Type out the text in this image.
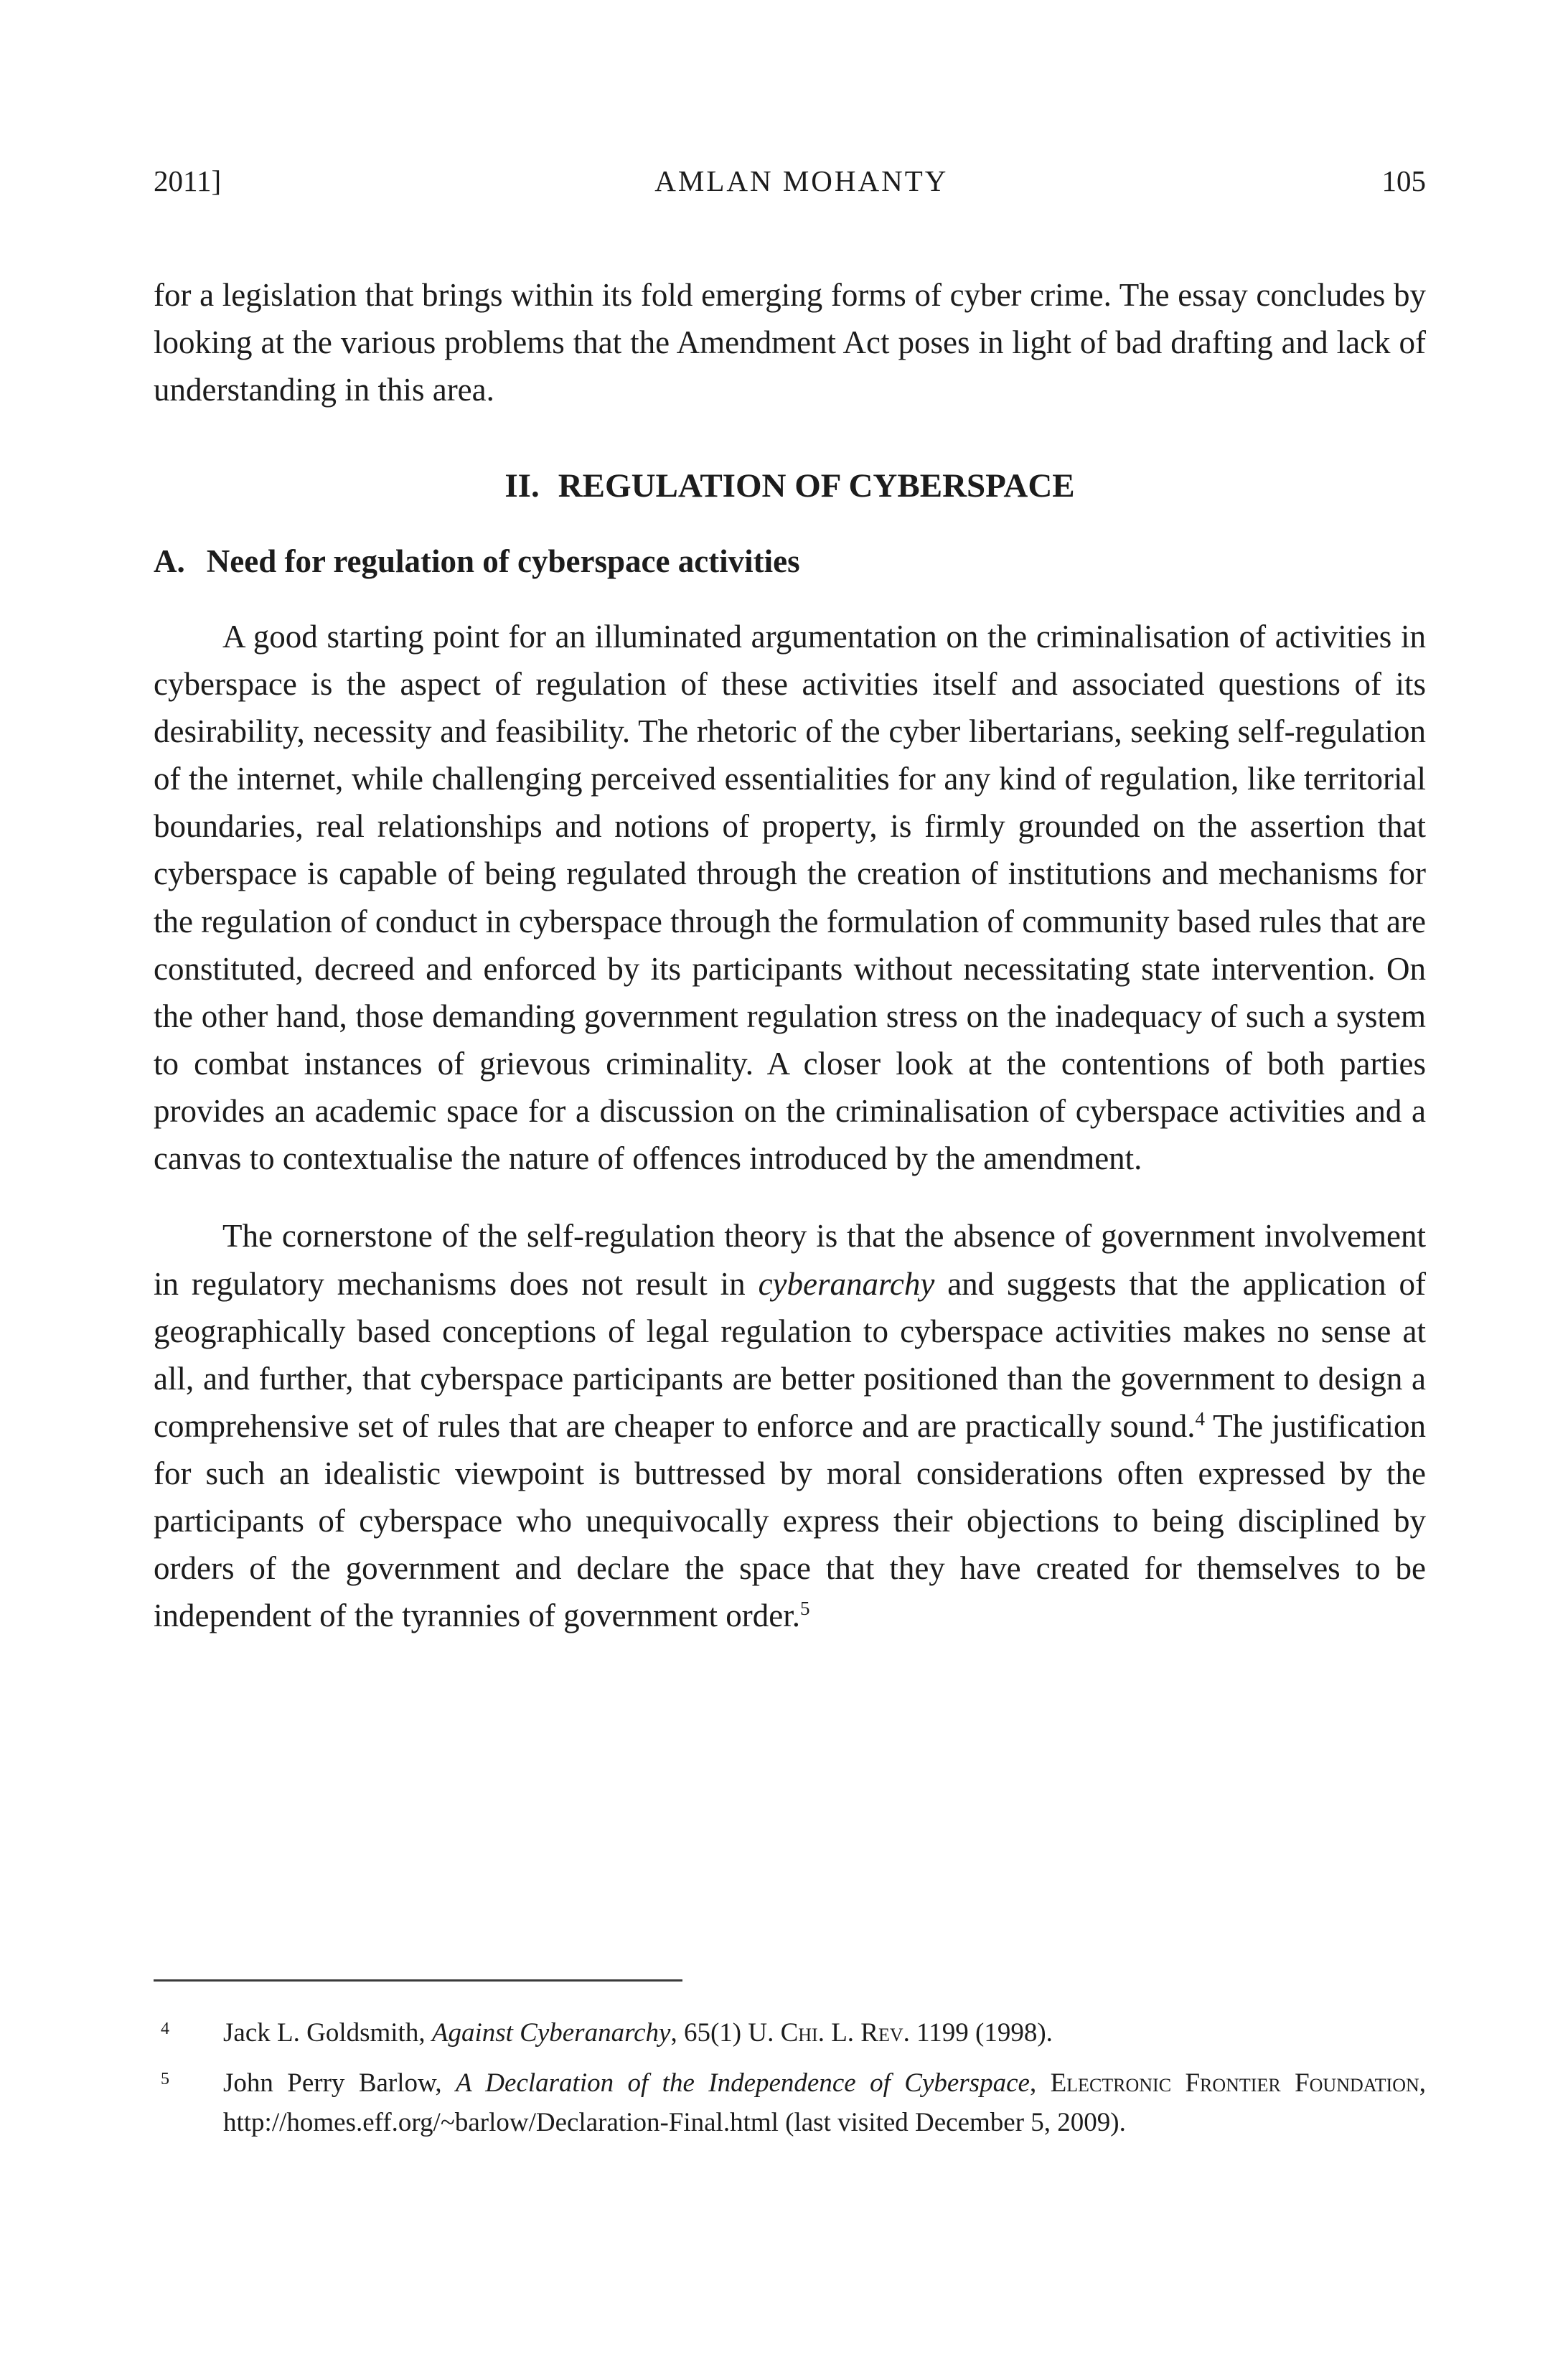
2011]	AMLAN MOHANTY	105

for a legislation that brings within its fold emerging forms of cyber crime. The essay concludes by looking at the various problems that the Amendment Act poses in light of bad drafting and lack of understanding in this area.

II. REGULATION OF CYBERSPACE
A. Need for regulation of cyberspace activities

A good starting point for an illuminated argumentation on the criminalisation of activities in cyberspace is the aspect of regulation of these activities itself and associated questions of its desirability, necessity and feasibility. The rhetoric of the cyber libertarians, seeking self-regulation of the internet, while challenging perceived essentialities for any kind of regulation, like territorial boundaries, real relationships and notions of property, is firmly grounded on the assertion that cyberspace is capable of being regulated through the creation of institutions and mechanisms for the regulation of conduct in cyberspace through the formulation of community based rules that are constituted, decreed and enforced by its participants without necessitating state intervention. On the other hand, those demanding government regulation stress on the inadequacy of such a system to combat instances of grievous criminality. A closer look at the contentions of both parties provides an academic space for a discussion on the criminalisation of cyberspace activities and a canvas to contextualise the nature of offences introduced by the amendment.

The cornerstone of the self-regulation theory is that the absence of government involvement in regulatory mechanisms does not result in cyberanarchy and suggests that the application of geographically based conceptions of legal regulation to cyberspace activities makes no sense at all, and further, that cyberspace participants are better positioned than the government to design a comprehensive set of rules that are cheaper to enforce and are practically sound.$^4$ The justification for such an idealistic viewpoint is buttressed by moral considerations often expressed by the participants of cyberspace who unequivocally express their objections to being disciplined by orders of the government and declare the space that they have created for themselves to be independent of the tyrannies of government order.$^5$

4	Jack L. Goldsmith, Against Cyberanarchy, 65(1) U. Chi. L. Rev. 1199 (1998).
5	John Perry Barlow, A Declaration of the Independence of Cyberspace, Electronic Frontier Foundation, http://homes.eff.org/~barlow/Declaration-Final.html (last visited December 5, 2009).
